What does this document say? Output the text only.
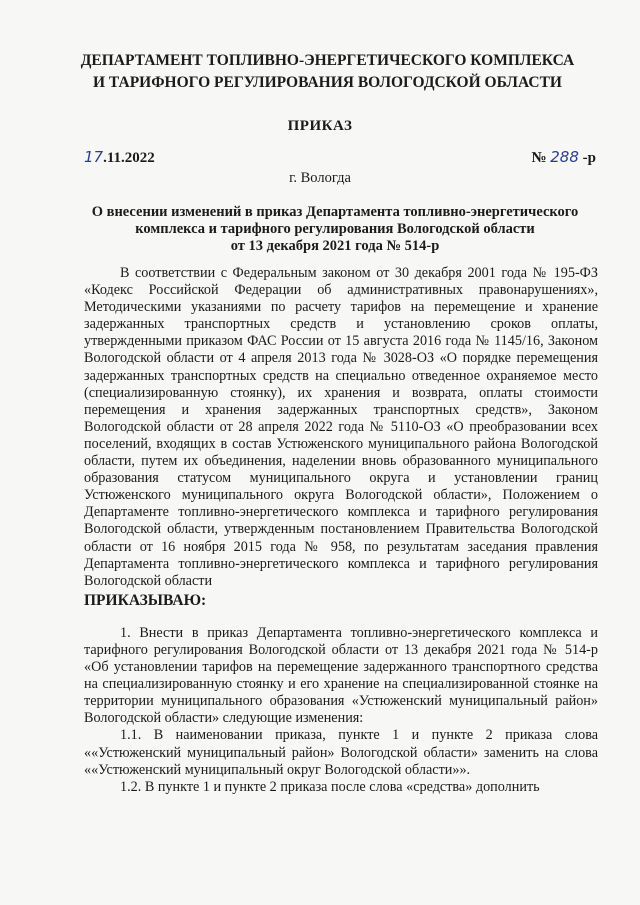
ДЕПАРТАМЕНТ ТОПЛИВНО-ЭНЕРГЕТИЧЕСКОГО КОМПЛЕКСА
И ТАРИФНОГО РЕГУЛИРОВАНИЯ ВОЛОГОДСКОЙ ОБЛАСТИ
ПРИКАЗ
17.11.2022	№ 288 -р
г. Вологда
О внесении изменений в приказ Департамента топливно-энергетического
комплекса и тарифного регулирования Вологодской области
от 13 декабря 2021 года № 514-р

В соответствии с Федеральным законом от 30 декабря 2001 года № 195-ФЗ «Кодекс Российской Федерации об административных правонарушениях», Методическими указаниями по расчету тарифов на перемещение и хранение задержанных транспортных средств и установлению сроков оплаты, утвержденными приказом ФАС России от 15 августа 2016 года № 1145/16, Законом Вологодской области от 4 апреля 2013 года № 3028-ОЗ «О порядке перемещения задержанных транспортных средств на специально отведенное охраняемое место (специализированную стоянку), их хранения и возврата, оплаты стоимости перемещения и хранения задержанных транспортных средств», Законом Вологодской области от 28 апреля 2022 года № 5110-ОЗ «О преобразовании всех поселений, входящих в состав Устюженского муниципального района Вологодской области, путем их объединения, наделении вновь образованного муниципального образования статусом муниципального округа и установлении границ Устюженского муниципального округа Вологодской области», Положением о Департаменте топливно-энергетического комплекса и тарифного регулирования Вологодской области, утвержденным постановлением Правительства Вологодской области от 16 ноября 2015 года № 958, по результатам заседания правления Департамента топливно-энергетического комплекса и тарифного регулирования Вологодской области

ПРИКАЗЫВАЮ:

1. Внести в приказ Департамента топливно-энергетического комплекса и тарифного регулирования Вологодской области от 13 декабря 2021 года № 514-р «Об установлении тарифов на перемещение задержанного транспортного средства на специализированную стоянку и его хранение на специализированной стоянке на территории муниципального образования «Устюженский муниципальный район» Вологодской области» следующие изменения:

1.1. В наименовании приказа, пункте 1 и пункте 2 приказа слова ««Устюженский муниципальный район» Вологодской области» заменить на слова ««Устюженский муниципальный округ Вологодской области»».

1.2. В пункте 1 и пункте 2 приказа после слова «средства» дополнить
